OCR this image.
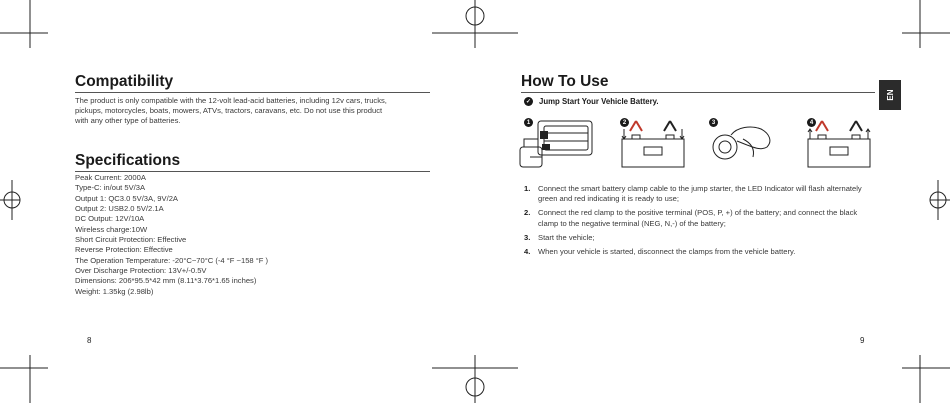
Compatibility
The product is only compatible with the 12-volt lead-acid batteries, including 12v cars, trucks,
pickups, motorcycles, boats, mowers, ATVs, tractors, caravans, etc. Do not use this product
with any other type of batteries.
Specifications
Peak Current: 2000A
Type-C: in/out 5V/3A
Output 1: QC3.0 5V/3A, 9V/2A
Output 2: USB2.0 5V/2.1A
DC Output: 12V/10A
Wireless charge:10W
Short Circuit Protection: Effective
Reverse Protection: Effective
The Operation Temperature: -20°C~70°C (-4 °F ~158 °F )
Over Discharge Protection: 13V+/-0.5V
Dimensions: 206*95.5*42 mm (8.11*3.76*1.65 inches)
Weight: 1.35kg (2.98lb)
8
How To Use
EN
✓ Jump Start Your Vehicle Battery.
1	2	3	4
1. Connect the smart battery clamp cable to the jump starter, the LED Indicator will flash alternately green and red indicating it is ready to use;
2. Connect the red clamp to the positive terminal (POS, P, +) of the battery; and connect the black clamp to the negative terminal (NEG, N,-) of the battery;
3. Start the vehicle;
4. When your vehicle is started, disconnect the clamps from the vehicle battery.
9
